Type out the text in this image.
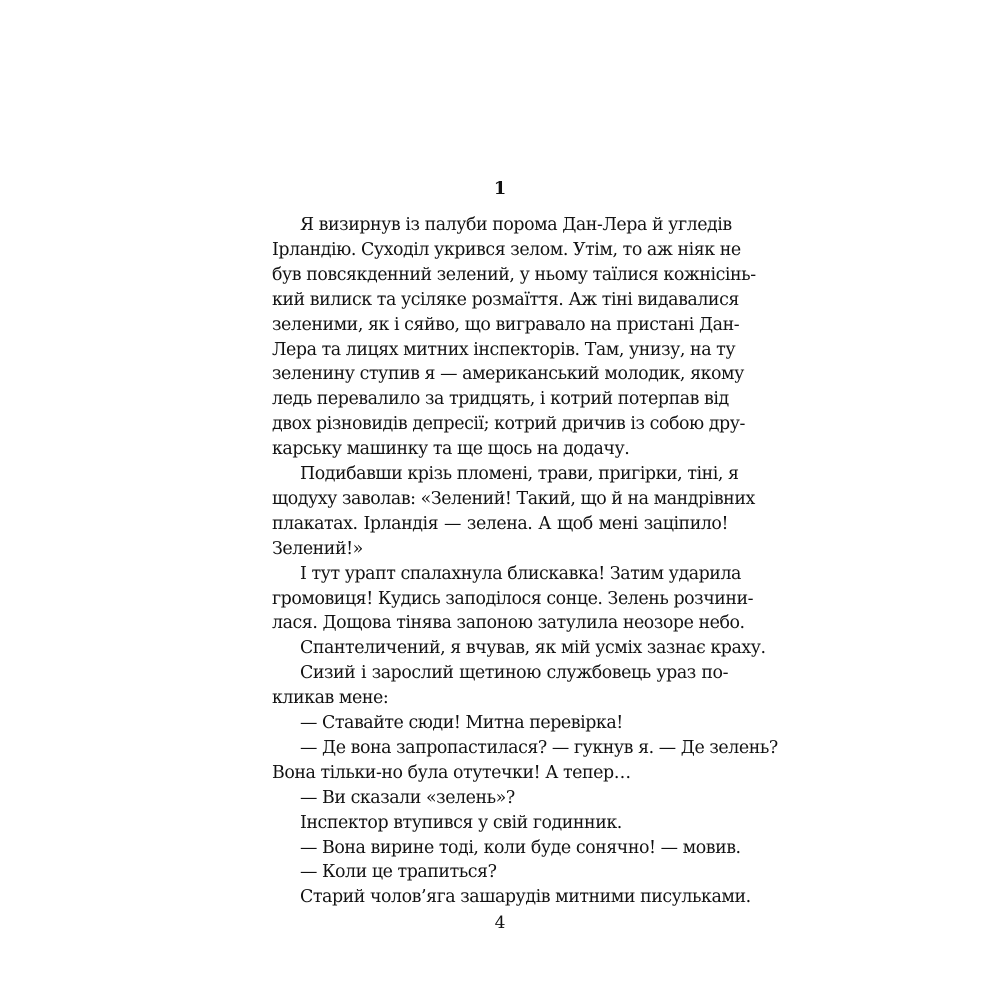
1
4
Я визирнув із палуби порома Дан-Лера й угледів
Ірландію. Суходіл укрився зелом. Утім, то аж ніяк не
був повсякденний зелений, у ньому таїлися кожнісінь-
кий вилиск та усіляке розмаїття. Аж тіні видавалися
зеленими, як і сяйво, що вигравало на пристані Дан-
Лера та лицях митних інспекторів. Там, унизу, на ту
зеленину ступив я — американський молодик, якому
ледь перевалило за тридцять, і котрий потерпав від
двох різновидів депресії; котрий дричив із собою дру-
карську машинку та ще щось на додачу.
Подибавши крізь пломені, трави, пригірки, тіні, я
щодуху заволав: «Зелений! Такий, що й на мандрівних
плакатах. Ірландія — зелена. А щоб мені заціпило!
Зелений!»
І тут урапт спалахнула блискавка! Затим ударила
громовиця! Кудись заподілося сонце. Зелень розчини-
лася. Дощова тінява запоною затулила неозоре небо.
Спантеличений, я вчував, як мій усміх зазнає краху.
Сизий і зарослий щетиною службовець ураз по-
кликав мене:
— Ставайте сюди! Митна перевірка!
— Де вона запропастилася? — гукнув я. — Де зелень?
Вона тільки-но була отутечки! А тепер…
— Ви сказали «зелень»?
Інспектор втупився у свій годинник.
— Вона вирине тоді, коли буде сонячно! — мовив.
— Коли це трапиться?
Старий чолов’яга зашарудів митними писульками.
